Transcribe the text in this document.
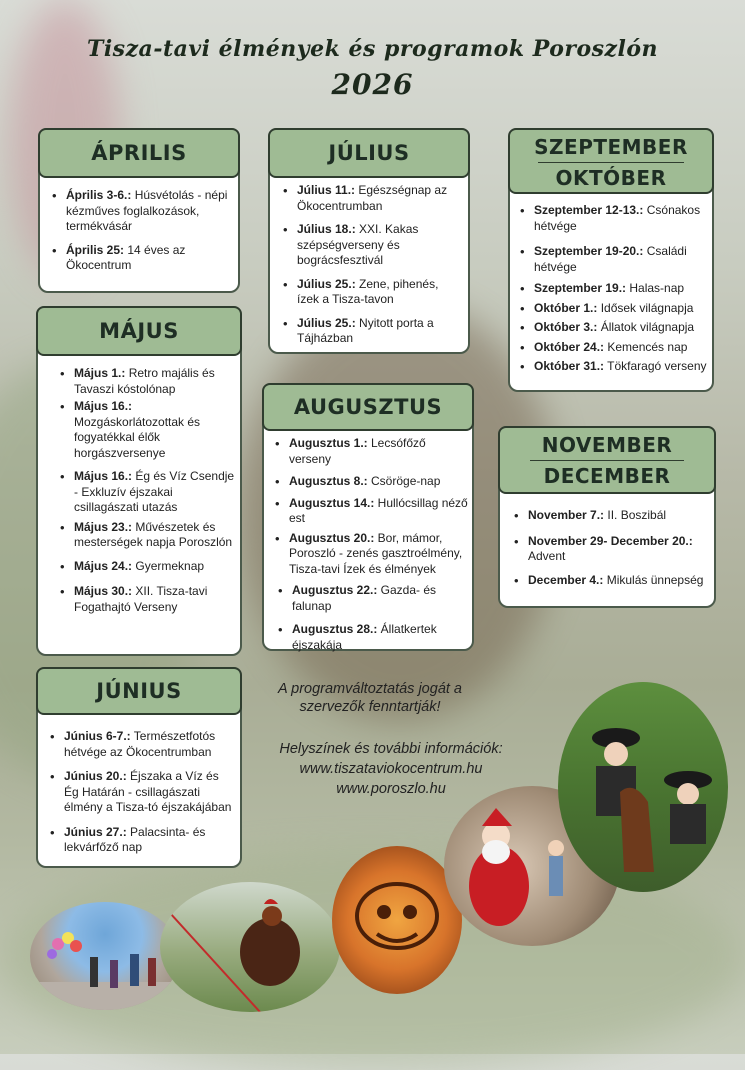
Tisza-tavi élmények és programok Poroszlón
2026
ÁPRILIS
• Április 3-6.: Húsvétolás - népi kézműves foglalkozások, termékvásár
• Április 25: 14 éves az Ökocentrum
JÚLIUS
• Július 11.: Egészségnap az Ökocentrumban
• Július 18.: XXI. Kakas szépségverseny és bográcsfesztivál
• Július 25.: Zene, pihenés, ízek a Tisza-tavon
• Július 25.: Nyitott porta a Tájházban
SZEPTEMBER
OKTÓBER
• Szeptember 12-13.: Csónakos hétvége
• Szeptember 19-20.: Családi hétvége
• Szeptember 19.: Halas-nap
• Október 1.: Idősek világnapja
• Október 3.: Állatok világnapja
• Október 24.: Kemencés nap
• Október 31.: Tökfaragó verseny
MÁJUS
• Május 1.: Retro majális és Tavaszi kóstolónap
• Május 16.: Mozgáskorlátozottak és fogyatékkal élők horgászversenye
• Május 16.: Ég és Víz Csendje - Exkluzív éjszakai csillagászati utazás
• Május 23.: Művészetek és mesterségek napja Poroszlón
• Május 24.: Gyermeknap
• Május 30.: XII. Tisza-tavi Fogathajtó Verseny
AUGUSZTUS
• Augusztus 1.: Lecsófőző verseny
• Augusztus 8.: Csöröge-nap
• Augusztus 14.: Hullócsillag néző est
• Augusztus 20.: Bor, mámor, Poroszló - zenés gasztroélmény, Tisza-tavi Ízek és élmények
• Augusztus 22.: Gazda- és falunap
• Augusztus 28.: Állatkertek éjszakája
NOVEMBER
DECEMBER
• November 7.: II. Boszibál
• November 29- December 20.: Advent
• December 4.: Mikulás ünnepség
JÚNIUS
• Június 6-7.: Természetfotós hétvége az Ökocentrumban
• Június 20.: Éjszaka a Víz és Ég Határán - csillagászati élmény a Tisza-tó éjszakájában
• Június 27.: Palacsinta- és lekvárfőző nap
A programváltoztatás jogát a szervezők fenntartják!
Helyszínek és további információk:
www.tiszataviokocentrum.hu
www.poroszlo.hu
